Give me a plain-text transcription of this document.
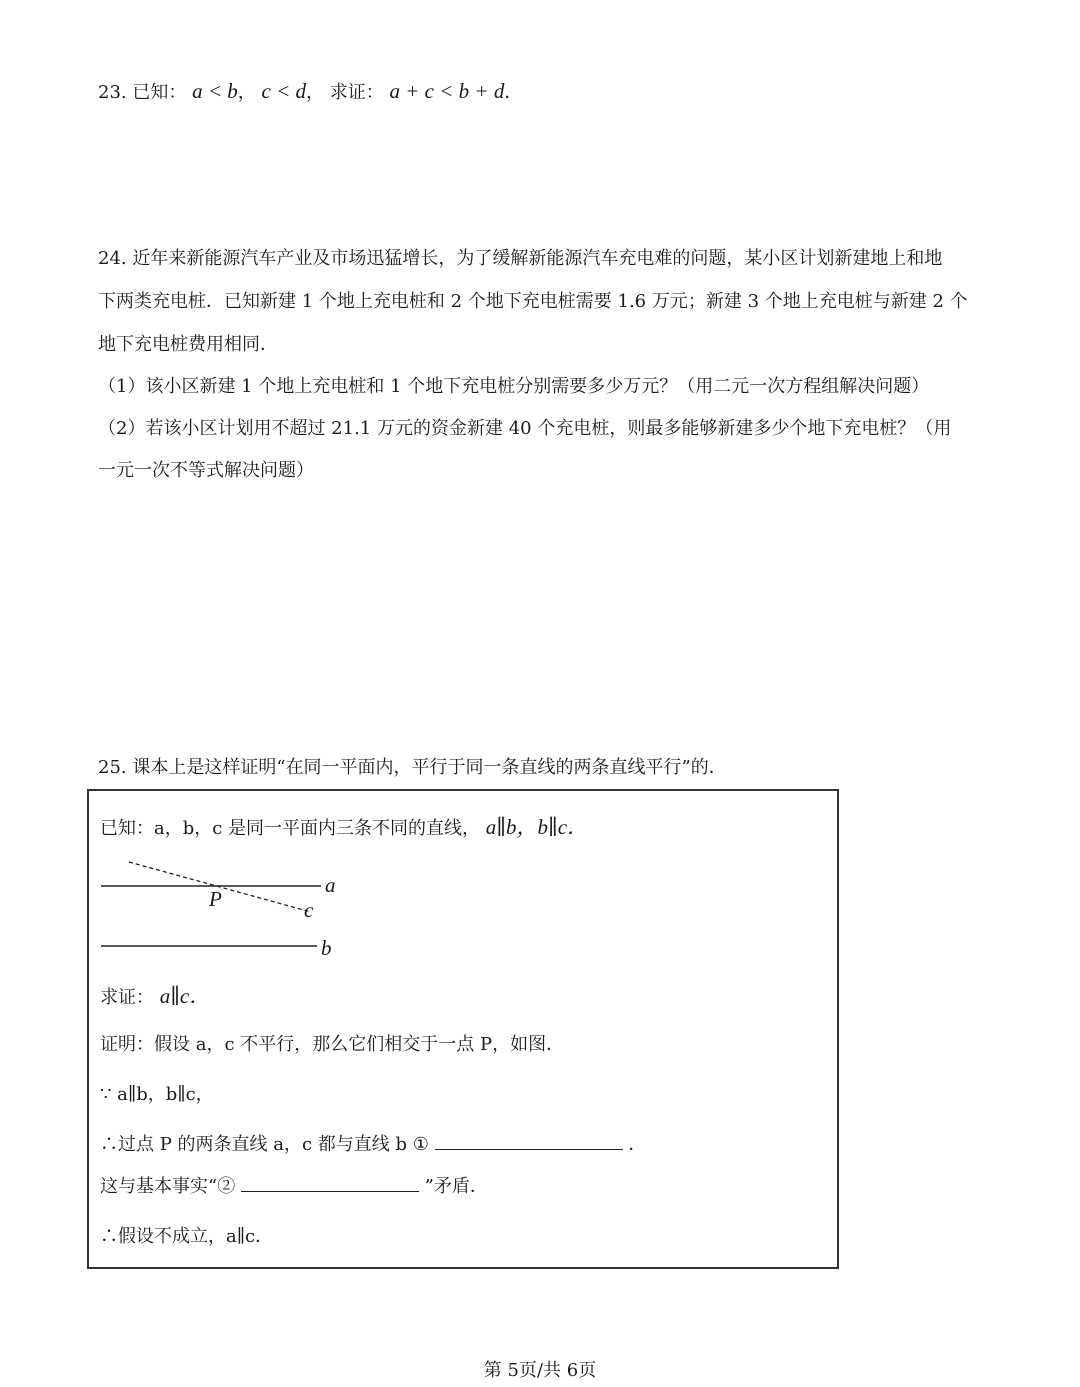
23. 已知： a < b， c < d， 求证： a + c < b + d．
24. 近年来新能源汽车产业及市场迅猛增长，为了缓解新能源汽车充电难的问题，某小区计划新建地上和地
下两类充电桩．已知新建 1 个地上充电桩和 2 个地下充电桩需要 1.6 万元；新建 3 个地上充电桩与新建 2 个
地下充电桩费用相同．
（1）该小区新建 1 个地上充电桩和 1 个地下充电桩分别需要多少万元？（用二元一次方程组解决问题）
（2）若该小区计划用不超过 21.1 万元的资金新建 40 个充电桩，则最多能够新建多少个地下充电桩？（用
一元一次不等式解决问题）
25. 课本上是这样证明“在同一平面内，平行于同一条直线的两条直线平行”的．
已知：a，b，c 是同一平面内三条不同的直线， a∥b，b∥c．
a
c
P
b
求证： a∥c．
证明：假设 a，c 不平行，那么它们相交于一点 P，如图．
∵ a∥b，b∥c，
∴过点 P 的两条直线 a，c 都与直线 b ①	．
这与基本事实“②	”矛盾．
∴假设不成立，a∥c．
第 5页/共 6页
